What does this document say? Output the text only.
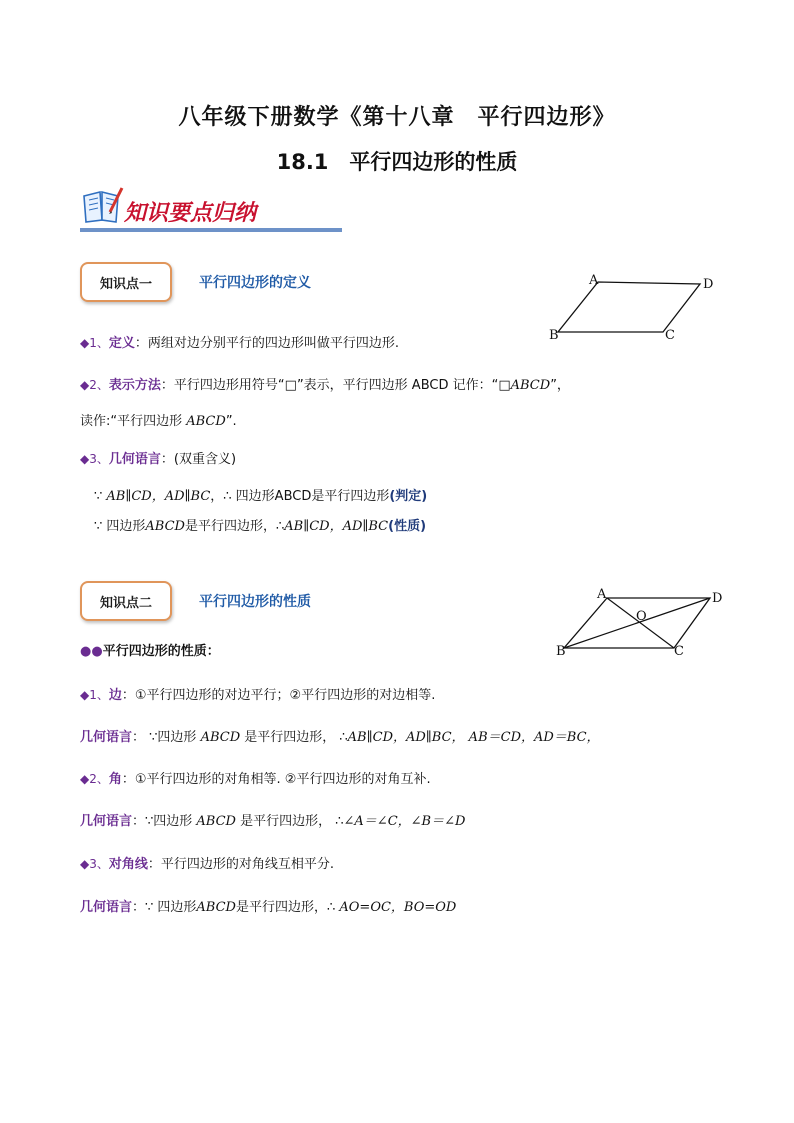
八年级下册数学《第十八章　平行四边形》
18.1　平行四边形的性质
知识要点归纳
知识点一	平行四边形的定义	A	D
B	C
◆1、定义：两组对边分别平行的四边形叫做平行四边形.
◆2、表示方法：平行四边形用符号“□”表示，平行四边形 ABCD 记作：“□ABCD”，
读作:“平行四边形 ABCD”.
◆3、几何语言：(双重含义)
∵ AB∥CD，AD∥BC，∴ 四边形ABCD是平行四边形(判定)
∵ 四边形ABCD是平行四边形，∴AB∥CD，AD∥BC(性质)
知识点二	平行四边形的性质	A	D
B	C
O
●●平行四边形的性质：
◆1、边：①平行四边形的对边平行；②平行四边形的对边相等.
几何语言： ∵四边形 ABCD 是平行四边形， ∴AB∥CD，AD∥BC， AB＝CD，AD＝BC，
◆2、角：①平行四边形的对角相等. ②平行四边形的对角互补.
几何语言：∵四边形 ABCD 是平行四边形， ∴∠A＝∠C，∠B＝∠D
◆3、对角线：平行四边形的对角线互相平分.
几何语言：∵ 四边形ABCD是平行四边形，∴ AO=OC，BO=OD
